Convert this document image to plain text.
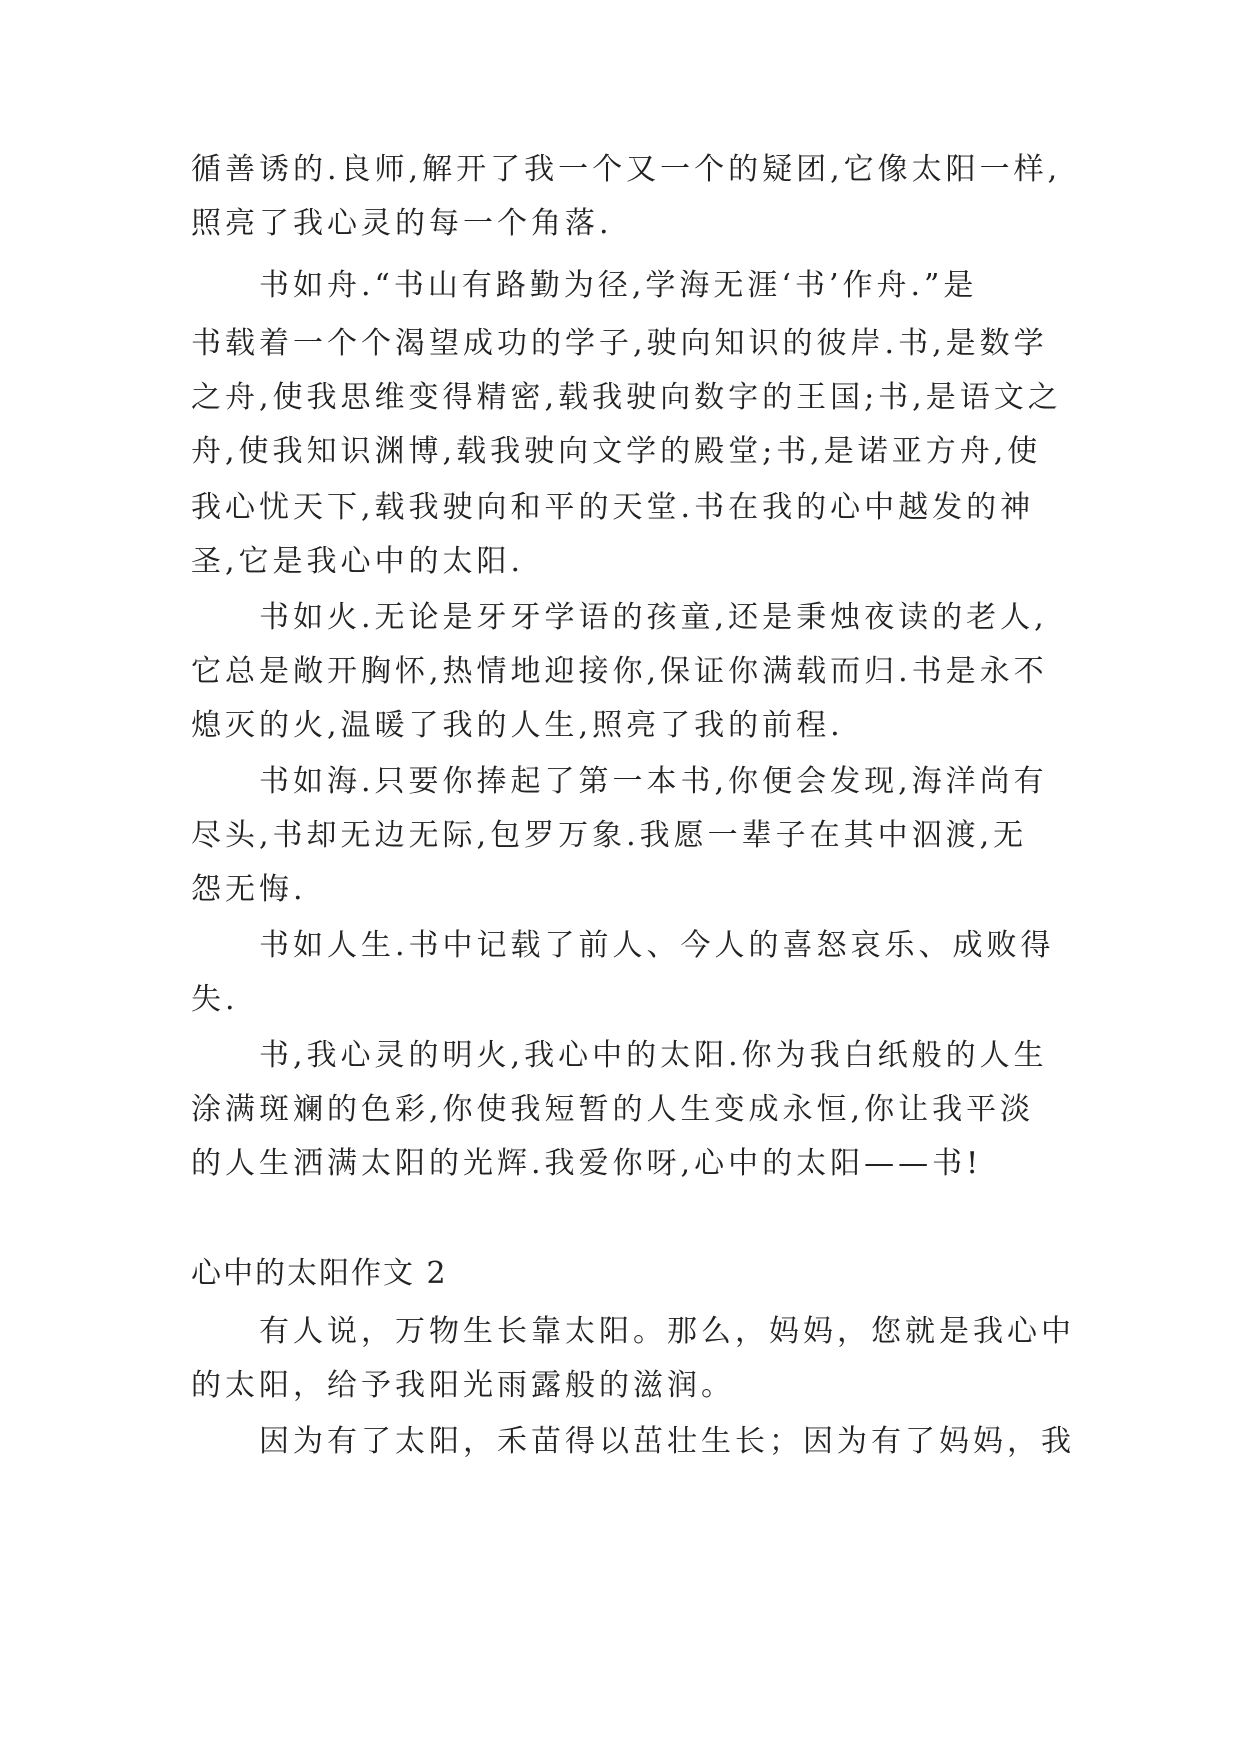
循善诱的.良师,解开了我一个又一个的疑团,它像太阳一样,
照亮了我心灵的每一个角落.
书如舟.“书山有路勤为径,学海无涯‘书’作舟.”是
书载着一个个渴望成功的学子,驶向知识的彼岸.书,是数学
之舟,使我思维变得精密,载我驶向数字的王国;书,是语文之
舟,使我知识渊博,载我驶向文学的殿堂;书,是诺亚方舟,使
我心忧天下,载我驶向和平的天堂.书在我的心中越发的神
圣,它是我心中的太阳.
书如火.无论是牙牙学语的孩童,还是秉烛夜读的老人,
它总是敞开胸怀,热情地迎接你,保证你满载而归.书是永不
熄灭的火,温暖了我的人生,照亮了我的前程.
书如海.只要你捧起了第一本书,你便会发现,海洋尚有
尽头,书却无边无际,包罗万象.我愿一辈子在其中泅渡,无
怨无悔.
书如人生.书中记载了前人、今人的喜怒哀乐、成败得
失.
书,我心灵的明火,我心中的太阳.你为我白纸般的人生
涂满斑斓的色彩,你使我短暂的人生变成永恒,你让我平淡
的人生洒满太阳的光辉.我爱你呀,心中的太阳——书!
心中的太阳作文 2
有人说，万物生长靠太阳。那么，妈妈，您就是我心中
的太阳，给予我阳光雨露般的滋润。
因为有了太阳，禾苗得以茁壮生长；因为有了妈妈，我
